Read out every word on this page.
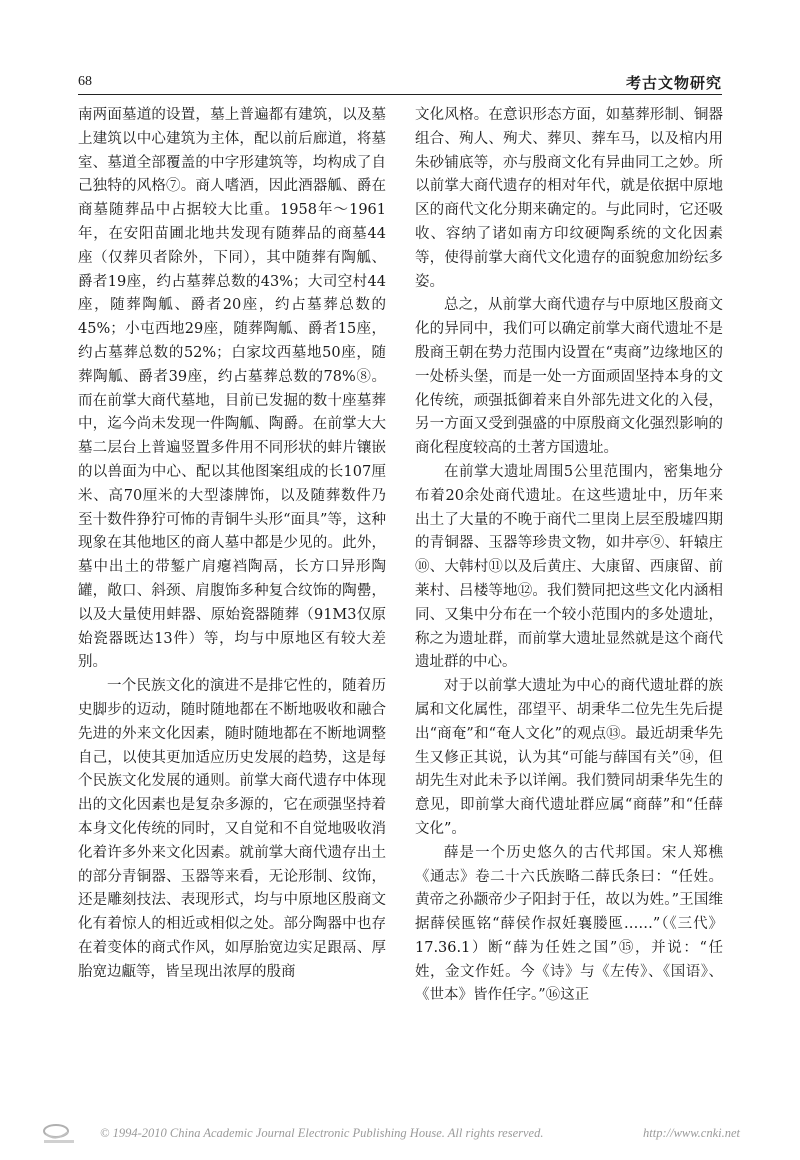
68	考古文物研究

南两面墓道的设置，墓上普遍都有建筑，以及墓上建筑以中心建筑为主体，配以前后廊道，将墓室、墓道全部覆盖的中字形建筑等，均构成了自己独特的风格⑦。商人嗜酒，因此酒器觚、爵在商墓随葬品中占据较大比重。1958年～1961年，在安阳苗圃北地共发现有随葬品的商墓44座（仅葬贝者除外，下同），其中随葬有陶觚、爵者19座，约占墓葬总数的43%；大司空村44座，随葬陶觚、爵者20座，约占墓葬总数的45%；小屯西地29座，随葬陶觚、爵者15座，约占墓葬总数的52%；白家坟西墓地50座，随葬陶觚、爵者39座，约占墓葬总数的78%⑧。而在前掌大商代墓地，目前已发掘的数十座墓葬中，迄今尚未发现一件陶觚、陶爵。在前掌大大墓二层台上普遍竖置多件用不同形状的蚌片镶嵌的以兽面为中心、配以其他图案组成的长107厘米、高70厘米的大型漆牌饰，以及随葬数件乃至十数件狰狞可怖的青铜牛头形“面具”等，这种现象在其他地区的商人墓中都是少见的。此外，墓中出土的带錾广肩瘪裆陶鬲，长方口异形陶罐，敞口、斜颈、肩腹饰多种复合纹饰的陶罍，以及大量使用蚌器、原始瓷器随葬（91M3仅原始瓷器既达13件）等，均与中原地区有较大差别。

一个民族文化的演进不是排它性的，随着历史脚步的迈动，随时随地都在不断地吸收和融合先进的外来文化因素，随时随地都在不断地调整自己，以使其更加适应历史发展的趋势，这是每个民族文化发展的通则。前掌大商代遗存中体现出的文化因素也是复杂多源的，它在顽强坚持着本身文化传统的同时，又自觉和不自觉地吸收消化着许多外来文化因素。就前掌大商代遗存出土的部分青铜器、玉器等来看，无论形制、纹饰，还是雕刻技法、表现形式，均与中原地区殷商文化有着惊人的相近或相似之处。部分陶器中也存在着变体的商式作风，如厚胎宽边实足跟鬲、厚胎宽边甗等，皆呈现出浓厚的殷商

文化风格。在意识形态方面，如墓葬形制、铜器组合、殉人、殉犬、葬贝、葬车马，以及棺内用朱砂铺底等，亦与殷商文化有异曲同工之妙。所以前掌大商代遗存的相对年代，就是依据中原地区的商代文化分期来确定的。与此同时，它还吸收、容纳了诸如南方印纹硬陶系统的文化因素等，使得前掌大商代文化遗存的面貌愈加纷纭多姿。

总之，从前掌大商代遗存与中原地区殷商文化的异同中，我们可以确定前掌大商代遗址不是殷商王朝在势力范围内设置在“夷商”边缘地区的一处桥头堡，而是一处一方面顽固坚持本身的文化传统，顽强抵御着来自外部先进文化的入侵，另一方面又受到强盛的中原殷商文化强烈影响的商化程度较高的土著方国遗址。

在前掌大遗址周围5公里范围内，密集地分布着20余处商代遗址。在这些遗址中，历年来出土了大量的不晚于商代二里岗上层至殷墟四期的青铜器、玉器等珍贵文物，如井亭⑨、轩辕庄⑩、大韩村⑪以及后黄庄、大康留、西康留、前莱村、吕楼等地⑫。我们赞同把这些文化内涵相同、又集中分布在一个较小范围内的多处遗址，称之为遗址群，而前掌大遗址显然就是这个商代遗址群的中心。

对于以前掌大遗址为中心的商代遗址群的族属和文化属性，邵望平、胡秉华二位先生先后提出“商奄”和“奄人文化”的观点⑬。最近胡秉华先生又修正其说，认为其“可能与薛国有关”⑭，但胡先生对此未予以详阐。我们赞同胡秉华先生的意见，即前掌大商代遗址群应属“商薛”和“任薛文化”。

薛是一个历史悠久的古代邦国。宋人郑樵《通志》卷二十六氏族略二薛氏条曰：“任姓。黄帝之孙颛帝少子阳封于任，故以为姓。”王国维据薛侯匜铭“薛侯作叔妊襄媵匜……”（《三代》17.36.1）断“薛为任姓之国”⑮，并说：“任姓，金文作妊。今《诗》与《左传》、《国语》、《世本》皆作任字。”⑯这正

© 1994-2010 China Academic Journal Electronic Publishing House. All rights reserved.	http://www.cnki.net
